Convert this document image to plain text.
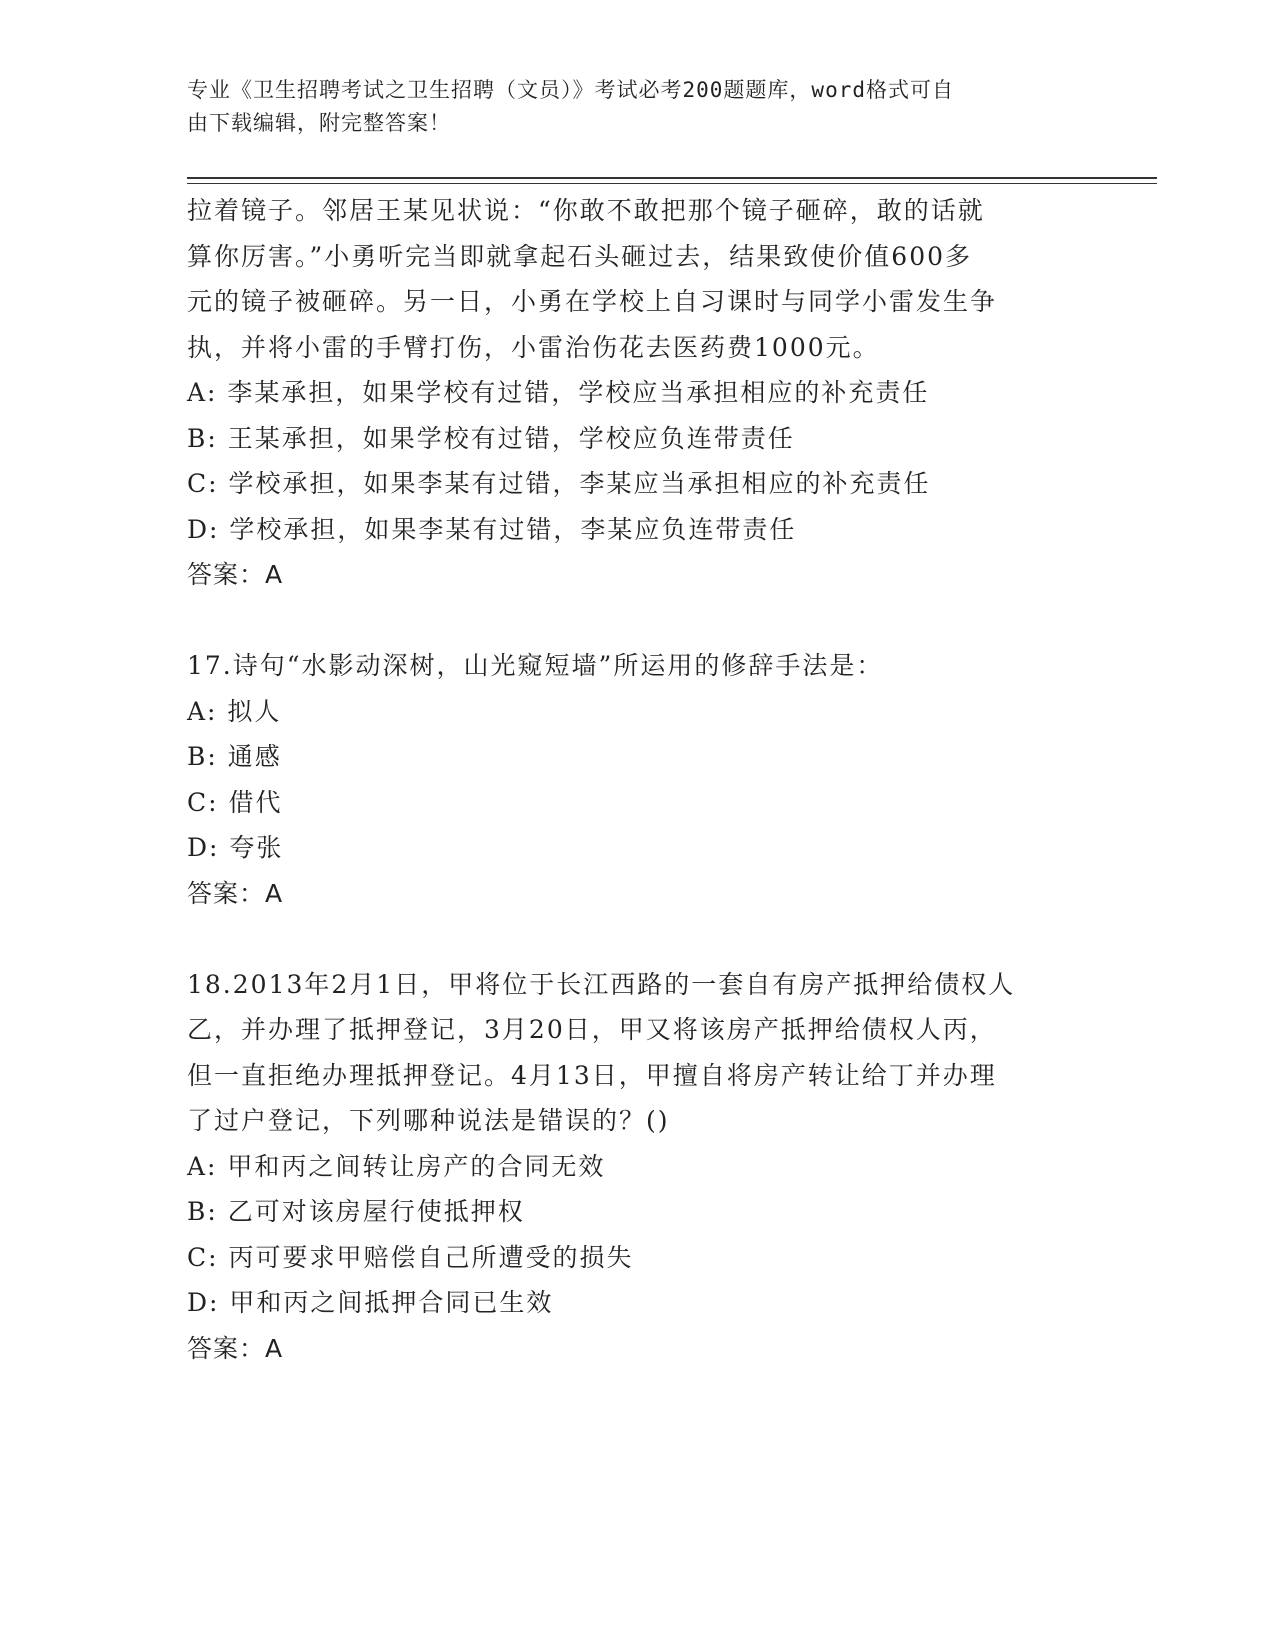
专业《卫生招聘考试之卫生招聘（文员）》考试必考200题题库，word格式可自
由下载编辑，附完整答案！
拉着镜子。邻居王某见状说：“你敢不敢把那个镜子砸碎，敢的话就
算你厉害。”小勇听完当即就拿起石头砸过去，结果致使价值600多
元的镜子被砸碎。另一日，小勇在学校上自习课时与同学小雷发生争
执，并将小雷的手臂打伤，小雷治伤花去医药费1000元。
A: 李某承担，如果学校有过错，学校应当承担相应的补充责任
B: 王某承担，如果学校有过错，学校应负连带责任
C: 学校承担，如果李某有过错，李某应当承担相应的补充责任
D: 学校承担，如果李某有过错，李某应负连带责任
答案：A
17.诗句“水影动深树，山光窥短墙”所运用的修辞手法是：
A: 拟人
B: 通感
C: 借代
D: 夸张
答案：A
18.2013年2月1日，甲将位于长江西路的一套自有房产抵押给债权人
乙，并办理了抵押登记，3月20日，甲又将该房产抵押给债权人丙，
但一直拒绝办理抵押登记。4月13日，甲擅自将房产转让给丁并办理
了过户登记，下列哪种说法是错误的？()
A: 甲和丙之间转让房产的合同无效
B: 乙可对该房屋行使抵押权
C: 丙可要求甲赔偿自己所遭受的损失
D: 甲和丙之间抵押合同已生效
答案：A
